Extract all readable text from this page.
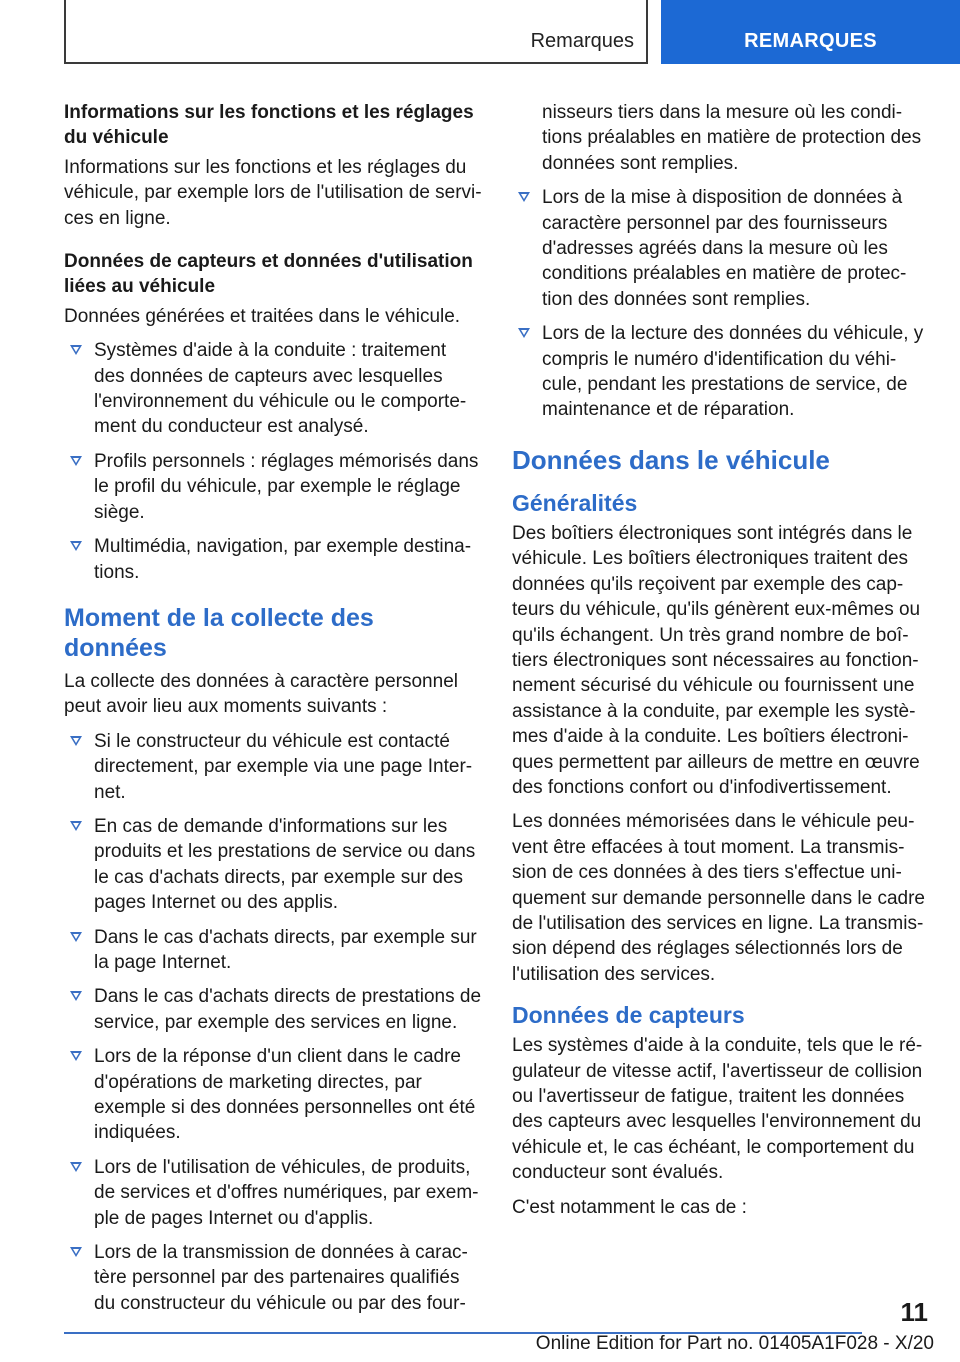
Remarques	REMARQUES
Informations sur les fonctions et les réglages du véhicule

Informations sur les fonctions et les réglages du véhicule, par exemple lors de l'utilisation de servi-ces en ligne.

Données de capteurs et données d'utilisation liées au véhicule

Données générées et traitées dans le véhicule.

Systèmes d'aide à la conduite : traitement des données de capteurs avec lesquelles l'environnement du véhicule ou le comporte-ment du conducteur est analysé.
Profils personnels : réglages mémorisés dans le profil du véhicule, par exemple le réglage siège.
Multimédia, navigation, par exemple destina-tions.
Moment de la collecte des données

La collecte des données à caractère personnel peut avoir lieu aux moments suivants :

Si le constructeur du véhicule est contacté directement, par exemple via une page Inter-net.
En cas de demande d'informations sur les produits et les prestations de service ou dans le cas d'achats directs, par exemple sur des pages Internet ou des applis.
Dans le cas d'achats directs, par exemple sur la page Internet.
Dans le cas d'achats directs de prestations de service, par exemple des services en ligne.
Lors de la réponse d'un client dans le cadre d'opérations de marketing directes, par exemple si des données personnelles ont été indiquées.
Lors de l'utilisation de véhicules, de produits, de services et d'offres numériques, par exem-ple de pages Internet ou d'applis.
Lors de la transmission de données à carac-tère personnel par des partenaires qualifiés du constructeur du véhicule ou par des four-
nisseurs tiers dans la mesure où les condi-tions préalables en matière de protection des données sont remplies.
Lors de la mise à disposition de données à caractère personnel par des fournisseurs d'adresses agréés dans la mesure où les conditions préalables en matière de protec-tion des données sont remplies.
Lors de la lecture des données du véhicule, y compris le numéro d'identification du véhi-cule, pendant les prestations de service, de maintenance et de réparation.
Données dans le véhicule
Généralités

Des boîtiers électroniques sont intégrés dans le véhicule. Les boîtiers électroniques traitent des données qu'ils reçoivent par exemple des cap-teurs du véhicule, qu'ils génèrent eux-mêmes ou qu'ils échangent. Un très grand nombre de boî-tiers électroniques sont nécessaires au fonction-nement sécurisé du véhicule ou fournissent une assistance à la conduite, par exemple les systè-mes d'aide à la conduite. Les boîtiers électroni-ques permettent par ailleurs de mettre en œuvre des fonctions confort ou d'infodivertissement.

Les données mémorisées dans le véhicule peu-vent être effacées à tout moment. La transmis-sion de ces données à des tiers s'effectue uni-quement sur demande personnelle dans le cadre de l'utilisation des services en ligne. La transmis-sion dépend des réglages sélectionnés lors de l'utilisation des services.

Données de capteurs

Les systèmes d'aide à la conduite, tels que le ré-gulateur de vitesse actif, l'avertisseur de collision ou l'avertisseur de fatigue, traitent les données des capteurs avec lesquelles l'environnement du véhicule et, le cas échéant, le comportement du conducteur sont évalués.

C'est notamment le cas de :

11
Online Edition for Part no. 01405A1F028 - X/20
